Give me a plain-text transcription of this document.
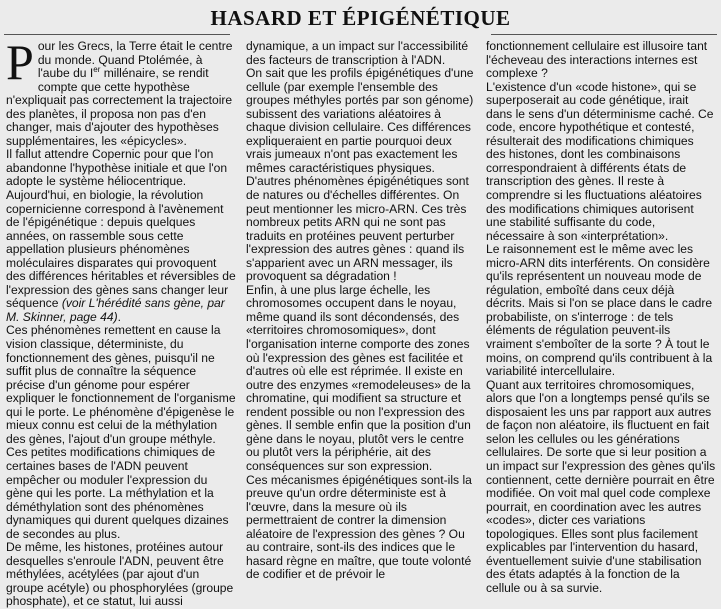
HASARD ET ÉPIGÉNÉTIQUE

Pour les Grecs, la Terre était le centre du monde. Quand Ptolémée, à l'aube du Ier millénaire, se rendit compte que cette hypothèse n'expliquait pas correctement la trajectoire des planètes, il proposa non pas d'en changer, mais d'ajouter des hypothèses supplémentaires, les «épicycles».

Il fallut attendre Copernic pour que l'on abandonne l'hypothèse initiale et que l'on adopte le système héliocentrique.

Aujourd'hui, en biologie, la révolution copernicienne correspond à l'avènement de l'épigénétique : depuis quelques années, on rassemble sous cette appellation plusieurs phénomènes moléculaires disparates qui provoquent des différences héritables et réversibles de l'expression des gènes sans changer leur séquence (voir L'hérédité sans gène, par M. Skinner, page 44).

Ces phénomènes remettent en cause la vision classique, déterministe, du fonctionnement des gènes, puisqu'il ne suffit plus de connaître la séquence précise d'un génome pour espérer expliquer le fonctionnement de l'organisme qui le porte. Le phénomène d'épigenèse le mieux connu est celui de la méthylation des gènes, l'ajout d'un groupe méthyle. Ces petites modifications chimiques de certaines bases de l'ADN peuvent empêcher ou moduler l'expression du gène qui les porte. La méthylation et la déméthylation sont des phénomènes dynamiques qui durent quelques dizaines de secondes au plus.

De même, les histones, protéines autour desquelles s'enroule l'ADN, peuvent être méthylées, acétylées (par ajout d'un groupe acétyle) ou phosphorylées (groupe phosphate), et ce statut, lui aussi

dynamique, a un impact sur l'accessibilité des facteurs de transcription à l'ADN.

On sait que les profils épigénétiques d'une cellule (par exemple l'ensemble des groupes méthyles portés par son génome) subissent des variations aléatoires à chaque division cellulaire. Ces différences expliqueraient en partie pourquoi deux vrais jumeaux n'ont pas exactement les mêmes caractéristiques physiques.

D'autres phénomènes épigénétiques sont de natures ou d'échelles différentes. On peut mentionner les micro-ARN. Ces très nombreux petits ARN qui ne sont pas traduits en protéines peuvent perturber l'expression des autres gènes : quand ils s'apparient avec un ARN messager, ils provoquent sa dégradation !

Enfin, à une plus large échelle, les chromosomes occupent dans le noyau, même quand ils sont décondensés, des «territoires chromosomiques», dont l'organisation interne comporte des zones où l'expression des gènes est facilitée et d'autres où elle est réprimée. Il existe en outre des enzymes «remodeleuses» de la chromatine, qui modifient sa structure et rendent possible ou non l'expression des gènes. Il semble enfin que la position d'un gène dans le noyau, plutôt vers le centre ou plutôt vers la périphérie, ait des conséquences sur son expression.

Ces mécanismes épigénétiques sont-ils la preuve qu'un ordre déterministe est à l'œuvre, dans la mesure où ils permettraient de contrer la dimension aléatoire de l'expression des gènes ? Ou au contraire, sont-ils des indices que le hasard règne en maître, que toute volonté de codifier et de prévoir le

fonctionnement cellulaire est illusoire tant l'écheveau des interactions internes est complexe ?

L'existence d'un «code histone», qui se superposerait au code génétique, irait dans le sens d'un déterminisme caché. Ce code, encore hypothétique et contesté, résulterait des modifications chimiques des histones, dont les combinaisons correspondraient à différents états de transcription des gènes. Il reste à comprendre si les fluctuations aléatoires des modifications chimiques autorisent une stabilité suffisante du code, nécessaire à son «interprétation».

Le raisonnement est le même avec les micro-ARN dits interférents. On considère qu'ils représentent un nouveau mode de régulation, emboîté dans ceux déjà décrits. Mais si l'on se place dans le cadre probabiliste, on s'interroge : de tels éléments de régulation peuvent-ils vraiment s'emboîter de la sorte ? À tout le moins, on comprend qu'ils contribuent à la variabilité intercellulaire.

Quant aux territoires chromosomiques, alors que l'on a longtemps pensé qu'ils se disposaient les uns par rapport aux autres de façon non aléatoire, ils fluctuent en fait selon les cellules ou les générations cellulaires. De sorte que si leur position a un impact sur l'expression des gènes qu'ils contiennent, cette dernière pourrait en être modifiée. On voit mal quel code complexe pourrait, en coordination avec les autres «codes», dicter ces variations topologiques. Elles sont plus facilement explicables par l'intervention du hasard, éventuellement suivie d'une stabilisation des états adaptés à la fonction de la cellule ou à sa survie.
